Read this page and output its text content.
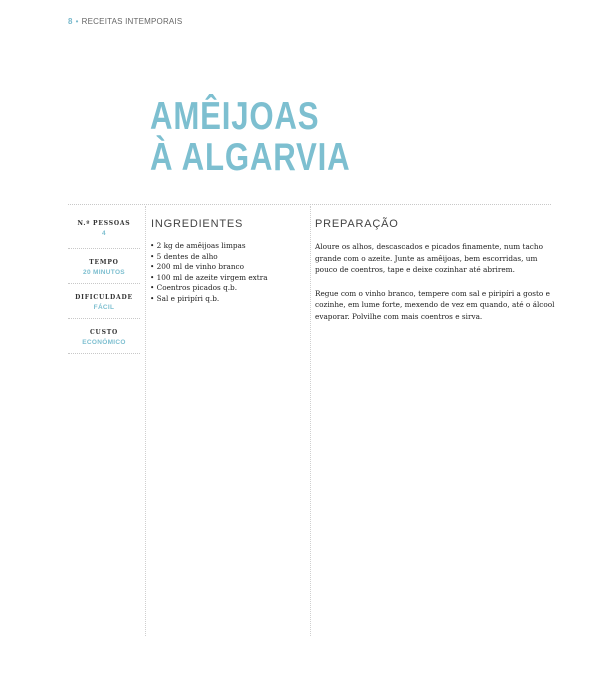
8 • RECEITAS INTEMPORAIS
AMÊIJOAS
À ALGARVIA
N.º PESSOAS
4
TEMPO
20 MINUTOS
DIFICULDADE
FÁCIL
CUSTO
ECONÓMICO
INGREDIENTES
• 2 kg de amêijoas limpas
• 5 dentes de alho
• 200 ml de vinho branco
• 100 ml de azeite virgem extra
• Coentros picados q.b.
• Sal e piripíri q.b.
PREPARAÇÃO

Aloure os alhos, descascados e picados finamente, num tacho grande com o azeite. Junte as amêijoas, bem escorridas, um pouco de coentros, tape e deixe cozinhar até abrirem.

Regue com o vinho branco, tempere com sal e piripíri a gosto e cozinhe, em lume forte, mexendo de vez em quando, até o álcool evaporar. Polvilhe com mais coentros e sirva.
